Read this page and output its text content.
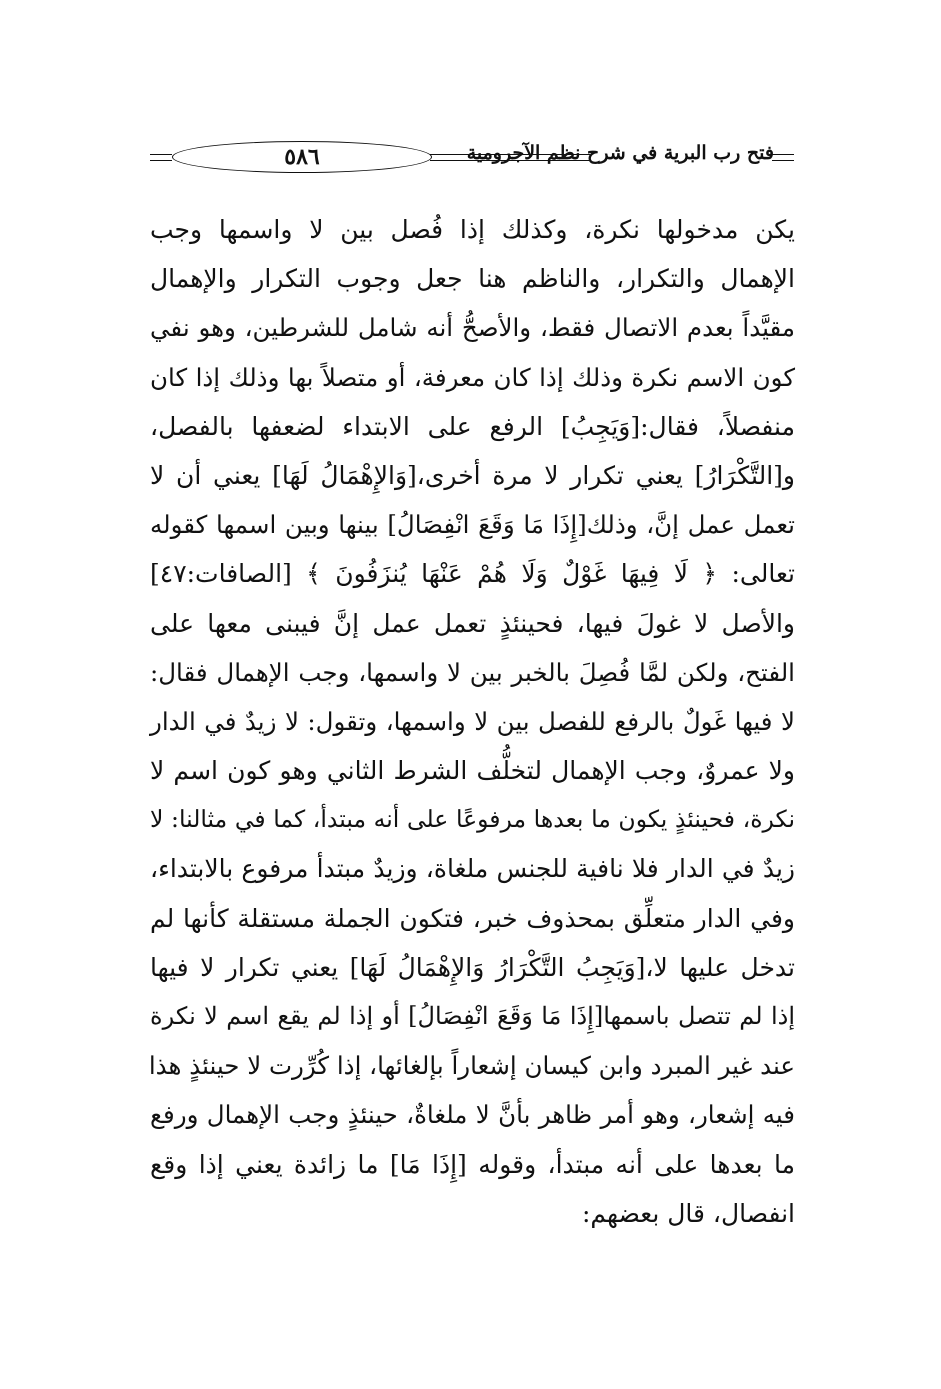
٥٨٦	فتح رب البرية في شرح نظم الآجرومية
يكن مدخولها نكرة، وكذلك إذا فُصل بين لا واسمها وجب
الإهمال والتكرار، والناظم هنا جعل وجوب التكرار والإهمال
مقيَّداً بعدم الاتصال فقط، والأصحُّ أنه شامل للشرطين، وهو نفي
كون الاسم نكرة وذلك إذا كان معرفة، أو متصلاً بها وذلك إذا كان
منفصلاً، فقال:[وَيَجِبُ] الرفع على الابتداء لضعفها بالفصل،
و[التَّكْرَارُ] يعني تكرار لا مرة أخرى،[وَالإِهْمَالُ لَهَا] يعني أن لا
تعمل عمل إنَّ، وذلك[إِذَا مَا وَقَعَ انْفِصَالُ] بينها وبين اسمها كقوله
تعالى: ﴿ لَا فِيهَا غَوْلٌ وَلَا هُمْ عَنْهَا يُنزَفُونَ ﴾ [الصافات:٤٧]
والأصل لا غولَ فيها، فحينئذٍ تعمل عمل إنَّ فيبنى معها على
الفتح، ولكن لمَّا فُصِلَ بالخبر بين لا واسمها، وجب الإهمال فقال:
لا فيها غَولٌ بالرفع للفصل بين لا واسمها، وتقول: لا زيدٌ في الدار
ولا عمروٌ، وجب الإهمال لتخلُّف الشرط الثاني وهو كون اسم لا
نكرة، فحينئذٍ يكون ما بعدها مرفوعًا على أنه مبتدأ، كما في مثالنا: لا
زيدٌ في الدار فلا نافية للجنس ملغاة، وزيدٌ مبتدأ مرفوع بالابتداء،
وفي الدار متعلِّق بمحذوف خبر، فتكون الجملة مستقلة كأنها لم
تدخل عليها لا،[وَيَجِبُ التَّكْرَارُ وَالإِهْمَالُ لَهَا] يعني تكرار لا فيها
إذا لم تتصل باسمها[إِذَا مَا وَقَعَ انْفِصَالُ] أو إذا لم يقع اسم لا نكرة
عند غير المبرد وابن كيسان إشعاراً بإلغائها، إذا كُرِّرت لا حينئذٍ هذا
فيه إشعار، وهو أمر ظاهر بأنَّ لا ملغاةٌ، حينئذٍ وجب الإهمال ورفع
ما بعدها على أنه مبتدأ، وقوله [إِذَا مَا] ما زائدة يعني إذا وقع
انفصال، قال بعضهم:
